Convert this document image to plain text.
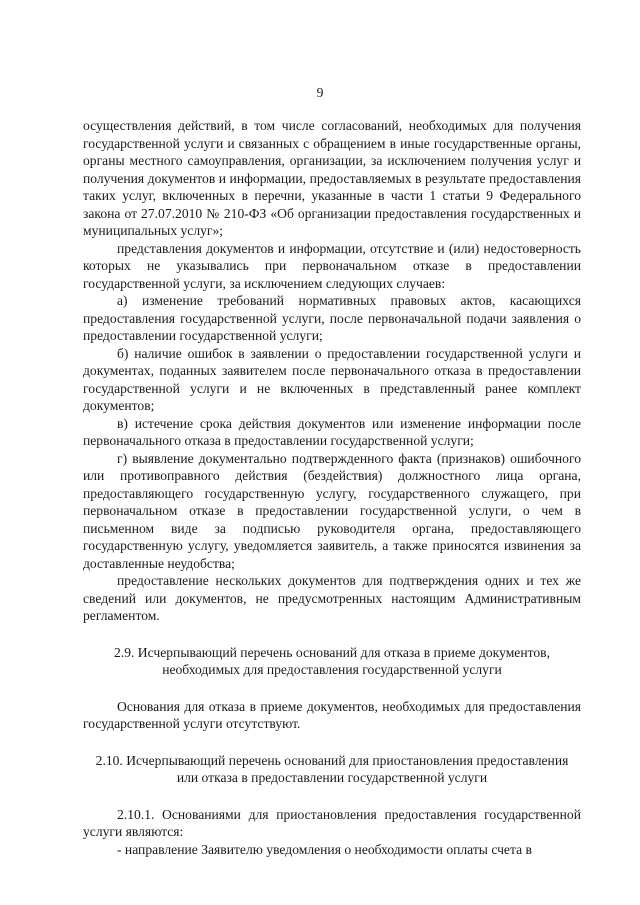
9

осуществления действий, в том числе согласований, необходимых для получения государственной услуги и связанных с обращением в иные государственные органы, органы местного самоуправления, организации, за исключением получения услуг и получения документов и информации, предоставляемых в результате предоставления таких услуг, включенных в перечни, указанные в части 1 статьи 9 Федерального закона от 27.07.2010 № 210-ФЗ «Об организации предоставления государственных и муниципальных услуг»;

представления документов и информации, отсутствие и (или) недостоверность которых не указывались при первоначальном отказе в предоставлении государственной услуги, за исключением следующих случаев:

а) изменение требований нормативных правовых актов, касающихся предоставления государственной услуги, после первоначальной подачи заявления о предоставлении государственной услуги;

б) наличие ошибок в заявлении о предоставлении государственной услуги и документах, поданных заявителем после первоначального отказа в предоставлении государственной услуги и не включенных в представленный ранее комплект документов;

в) истечение срока действия документов или изменение информации после первоначального отказа в предоставлении государственной услуги;

г) выявление документально подтвержденного факта (признаков) ошибочного или противоправного действия (бездействия) должностного лица органа, предоставляющего государственную услугу, государственного служащего, при первоначальном отказе в предоставлении государственной услуги, о чем в письменном виде за подписью руководителя органа, предоставляющего государственную услугу, уведомляется заявитель, а также приносятся извинения за доставленные неудобства;

предоставление нескольких документов для подтверждения одних и тех же сведений или документов, не предусмотренных настоящим Административным регламентом.

2.9. Исчерпывающий перечень оснований для отказа в приеме документов, необходимых для предоставления государственной услуги

Основания для отказа в приеме документов, необходимых для предоставления государственной услуги отсутствуют.

2.10. Исчерпывающий перечень оснований для приостановления предоставления или отказа в предоставлении государственной услуги

2.10.1. Основаниями для приостановления предоставления государственной услуги являются:

- направление Заявителю уведомления о необходимости оплаты счета в
